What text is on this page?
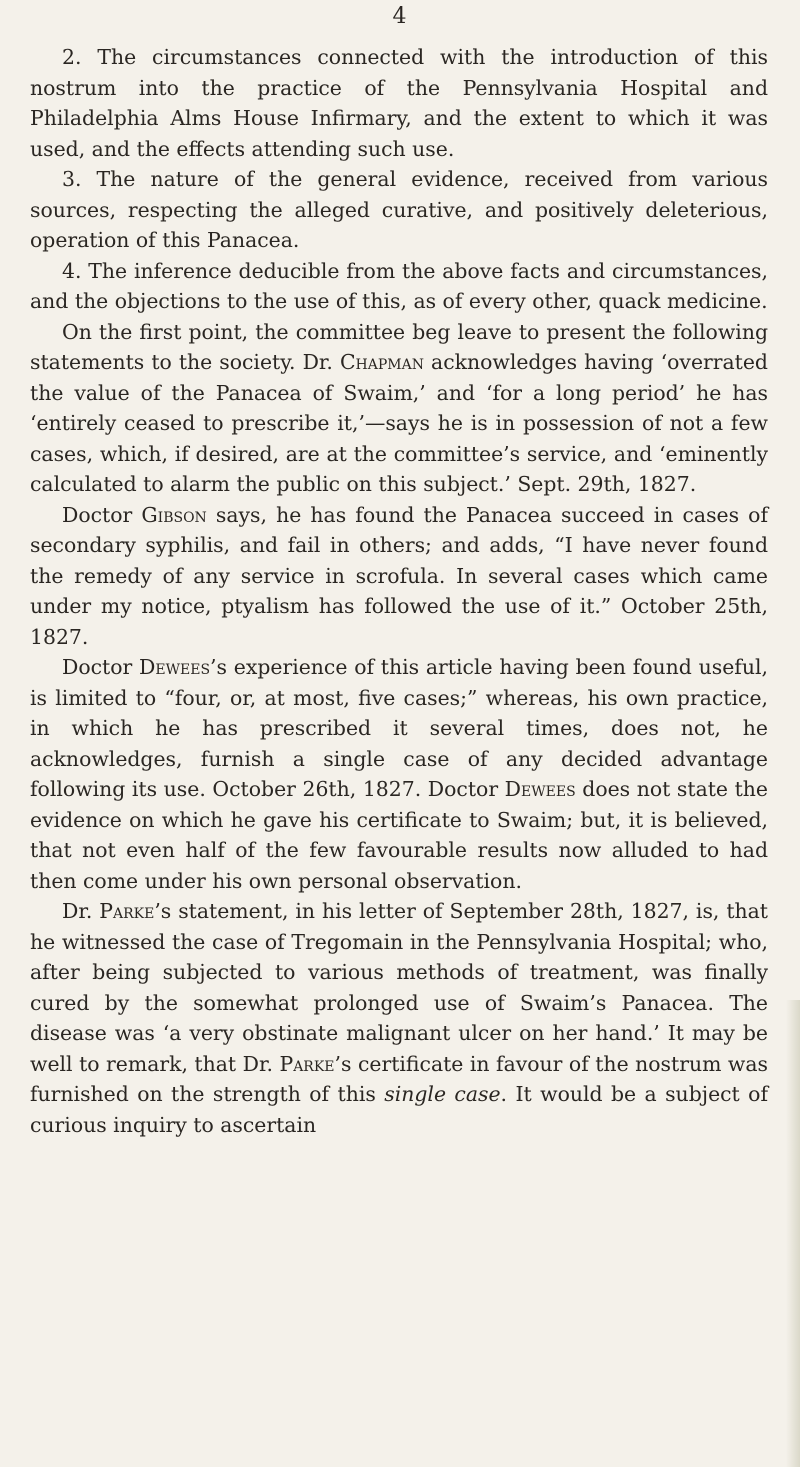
4

2. The circumstances connected with the introduction of this nostrum into the practice of the Pennsylvania Hospital and Philadelphia Alms House Infirmary, and the extent to which it was used, and the effects attending such use.

3. The nature of the general evidence, received from various sources, respecting the alleged curative, and positively deleterious, operation of this Panacea.

4. The inference deducible from the above facts and circumstances, and the objections to the use of this, as of every other, quack medicine.

On the first point, the committee beg leave to present the following statements to the society. Dr. Chapman acknowledges having ‘overrated the value of the Panacea of Swaim,’ and ‘for a long period’ he has ‘entirely ceased to prescribe it,’—says he is in possession of not a few cases, which, if desired, are at the committee’s service, and ‘eminently calculated to alarm the public on this subject.’ Sept. 29th, 1827.

Doctor Gibson says, he has found the Panacea succeed in cases of secondary syphilis, and fail in others; and adds, “I have never found the remedy of any service in scrofula. In several cases which came under my notice, ptyalism has followed the use of it.” October 25th, 1827.

Doctor Dewees’s experience of this article having been found useful, is limited to “four, or, at most, five cases;” whereas, his own practice, in which he has prescribed it several times, does not, he acknowledges, furnish a single case of any decided advantage following its use. October 26th, 1827. Doctor Dewees does not state the evidence on which he gave his certificate to Swaim; but, it is believed, that not even half of the few favourable results now alluded to had then come under his own personal observation.

Dr. Parke’s statement, in his letter of September 28th, 1827, is, that he witnessed the case of Tregomain in the Pennsylvania Hospital; who, after being subjected to various methods of treatment, was finally cured by the somewhat prolonged use of Swaim’s Panacea. The disease was ‘a very obstinate malignant ulcer on her hand.’ It may be well to remark, that Dr. Parke’s certificate in favour of the nostrum was furnished on the strength of this single case. It would be a subject of curious inquiry to ascertain
